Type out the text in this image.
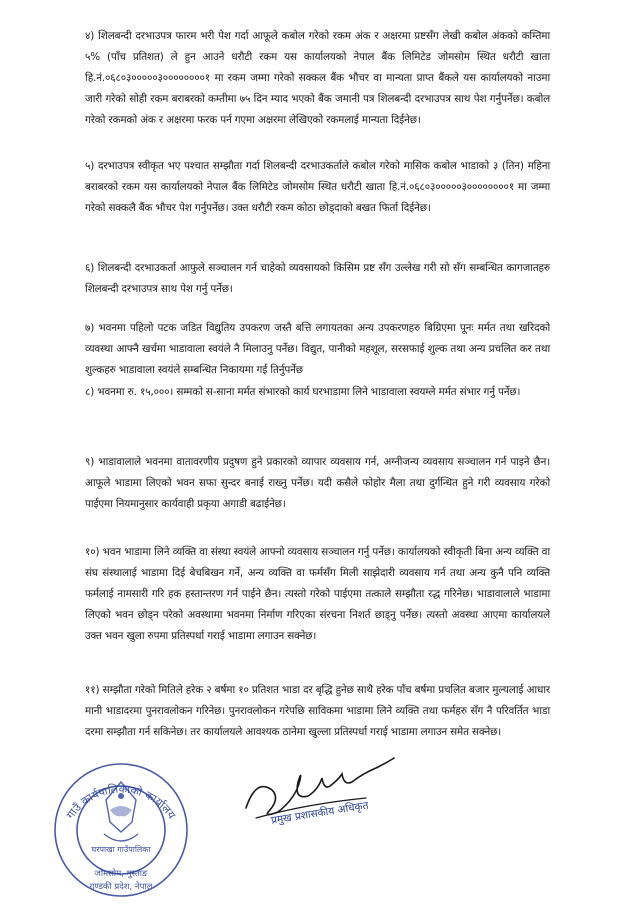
४) शिलबन्दी दरभाउपत्र फारम भरी पेश गर्दा आफूले कबोल गरेको रकम अंक र अक्षरमा प्रष्टसँग लेखी कबोल अंकको कम्तिमा ५% (पाँच प्रतिशत) ले हुन आउने धरौटी रकम यस कार्यालयको नेपाल बैंक लिमिटेड जोमसोम स्थित धरौटी खाता हि.नं.०६८०३०००००३००००००००१ मा रकम जम्मा गरेको सक्कल बैंक भौचर वा मान्यता प्राप्त बैंकले यस कार्यालयको नाउमा जारी गरेको सोही रकम बराबरको कम्तीमा ७५ दिन म्याद भएको बैंक जमानी पत्र शिलबन्दी दरभाउपत्र साथ पेश गर्नुपर्नेछ। कबोल गरेको रकमको अंक र अक्षरमा फरक पर्न गएमा अक्षरमा लेखिएको रकमलाई मान्यता दिईनेछ।

५) दरभाउपत्र स्वीकृत भए पश्चात सम्झौता गर्दा शिलबन्दी दरभाउकर्ताले कबोल गरेको मासिक कबोल भाडाको ३ (तिन) महिना बराबरको रकम यस कार्यालयको नेपाल बैंक लिमिटेड जोमसोम स्थित धरौटी खाता हि.नं.०६८०३०००००३००००००००१ मा जम्मा गरेको सक्कलै बैंक भौचर पेश गर्नुपर्नेछ। उक्त धरौटी रकम कोठा छोड्दाको बखत फिर्ता दिईनेछ।

६) शिलबन्दी दरभाउकर्ता आफुले सञ्चालन गर्न चाहेको व्यवसायको किसिम प्रष्ट सँग उल्लेख गरी सो सँग सम्बन्धित कागजातहरु शिलबन्दी दरभाउपत्र साथ पेश गर्नु पर्नेछ।

७) भवनमा पहिलो पटक जडित विद्युतिय उपकरण जस्तै बत्ति लगायतका अन्य उपकरणहरु बिग्रिएमा पूनः मर्मत तथा खरिदको व्यवस्था आफ्नै खर्चमा भाडावाला स्वयंले नै मिलाउनु पर्नेछ। विद्युत, पानीको महशूल, सरसफाई शुल्क तथा अन्य प्रचलित कर तथा शुल्कहरु भाडावाला स्वयंले सम्बन्धित निकायमा गई तिर्नुपर्नेछ

८) भवनमा रु. १५,०००। सम्मको स-साना मर्मत संभारको कार्य घरभाडामा लिने भाडावाला स्वयम्ले मर्मत संभार गर्नु पर्नेछ।

९) भाडावालाले भवनमा वातावरणीय प्रदुषण हुने प्रकारको व्यापार व्यवसाय गर्न, अग्नीजन्य व्यवसाय सञ्चालन गर्न पाइने छैन। आफूले भाडामा लिएको भवन सफा सुन्दर बनाई राख्नु पर्नेछ। यदी कसैले फोहोर मैला तथा दुर्गन्धित हुने गरी व्यवसाय गरेको पाईएमा नियमानुसार कार्यवाही प्रकृया अगाडी बढाईनेछ।

१०) भवन भाडामा लिने व्यक्ति वा संस्था स्वयंले आफ्नो व्यवसाय सञ्चालन गर्नु पर्नेछ। कार्यालयको स्वीकृती बिना अन्य व्यक्ति वा संघ संस्थालाई भाडामा दिई बेचबिखन गर्ने, अन्य व्यक्ति वा फर्मसँग मिली साझेदारी व्यवसाय गर्न तथा अन्य कुनै पनि व्यक्ति फर्मलाई नामसारी गरि हक हस्तान्तरण गर्न पाईने छैन। त्यस्तो गरेको पाईएमा तत्काले सम्झौता रद्ध गरिनेछ। भाडावालाले भाडामा लिएको भवन छोड्न परेको अवस्थामा भवनमा निर्माण गरिएका संरचना निशर्त छाड्नु पर्नेछ। त्यस्तो अवस्था आएमा कार्यालयले उक्त भवन खुला रुपमा प्रतिस्पर्धा गराई भाडामा लगाउन सक्नेछ।

११) सम्झौता गरेको मितिले हरेक २ बर्षमा १० प्रतिशत भाडा दर बृद्धि हुनेछ साथै हरेक पाँच बर्षमा प्रचलित बजार मुल्यलाई आधार मानी भाडादरमा पुनरावलोकन गरिनेछ। पुनरावलोकन गरेपछि साविकमा भाडामा लिने व्यक्ति तथा फर्महरु सँग नै परिवर्तित भाडा दरमा सम्झौता गर्न सकिनेछ। तर कार्यालयले आवश्यक ठानेमा खुल्ला प्रतिस्पर्धा गराई भाडामा लगाउन समेत सक्नेछ।

गाउँ कार्यपालिकाको कार्यालय
घरपाखा गाउँपालिका
जोमसोम, मुस्ताङ
गण्डकी प्रदेश, नेपाल
प्रमुख प्रशासकीय अधिकृत
